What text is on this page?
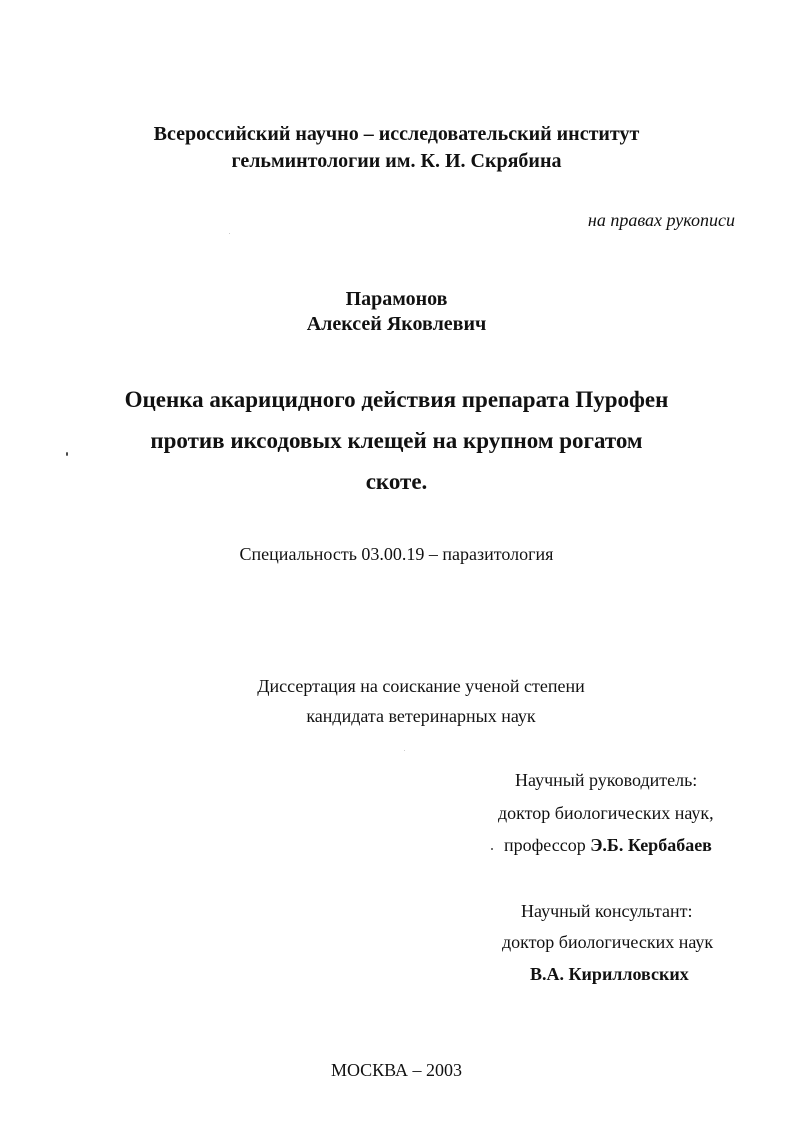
Всероссийский научно – исследовательский институт
гельминтологии им. К. И. Скрябина
на правах рукописи
Парамонов
Алексей Яковлевич
Оценка акарицидного действия препарата Пурофен
против иксодовых клещей на крупном рогатом
скоте.
Специальность 03.00.19 – паразитология
Диссертация на соискание ученой степени
кандидата ветеринарных наук
Научный руководитель:
доктор биологических наук,
профессор Э.Б. Кербабаев
Научный консультант:
доктор биологических наук
В.А. Кирилловских
МОСКВА – 2003
